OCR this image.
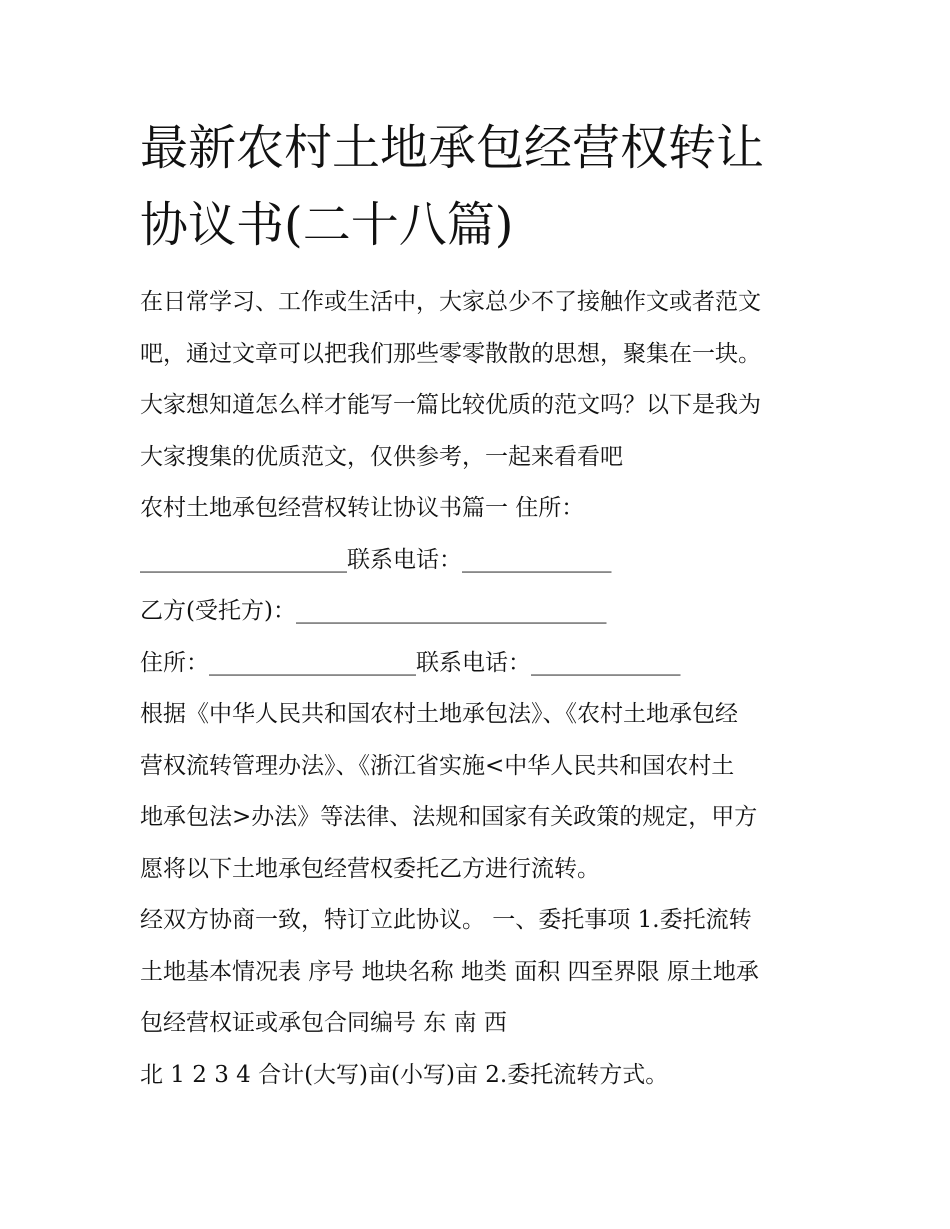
最新农村土地承包经营权转让
协议书(二十八篇)
在日常学习、工作或生活中，大家总少不了接触作文或者范文
吧，通过文章可以把我们那些零零散散的思想，聚集在一块。
大家想知道怎么样才能写一篇比较优质的范文吗？以下是我为
大家搜集的优质范文，仅供参考，一起来看看吧
农村土地承包经营权转让协议书篇一 住所：
__________________联系电话：_____________
乙方(受托方)：___________________________
住所：__________________联系电话：_____________
根据《中华人民共和国农村土地承包法》、《农村土地承包经
营权流转管理办法》、《浙江省实施<中华人民共和国农村土
地承包法>办法》等法律、法规和国家有关政策的规定，甲方
愿将以下土地承包经营权委托乙方进行流转。
经双方协商一致，特订立此协议。 一、委托事项 1.委托流转
土地基本情况表 序号 地块名称 地类 面积 四至界限 原土地承
包经营权证或承包合同编号 东 南 西
北 1 2 3 4 合计(大写)亩(小写)亩 2.委托流转方式。
